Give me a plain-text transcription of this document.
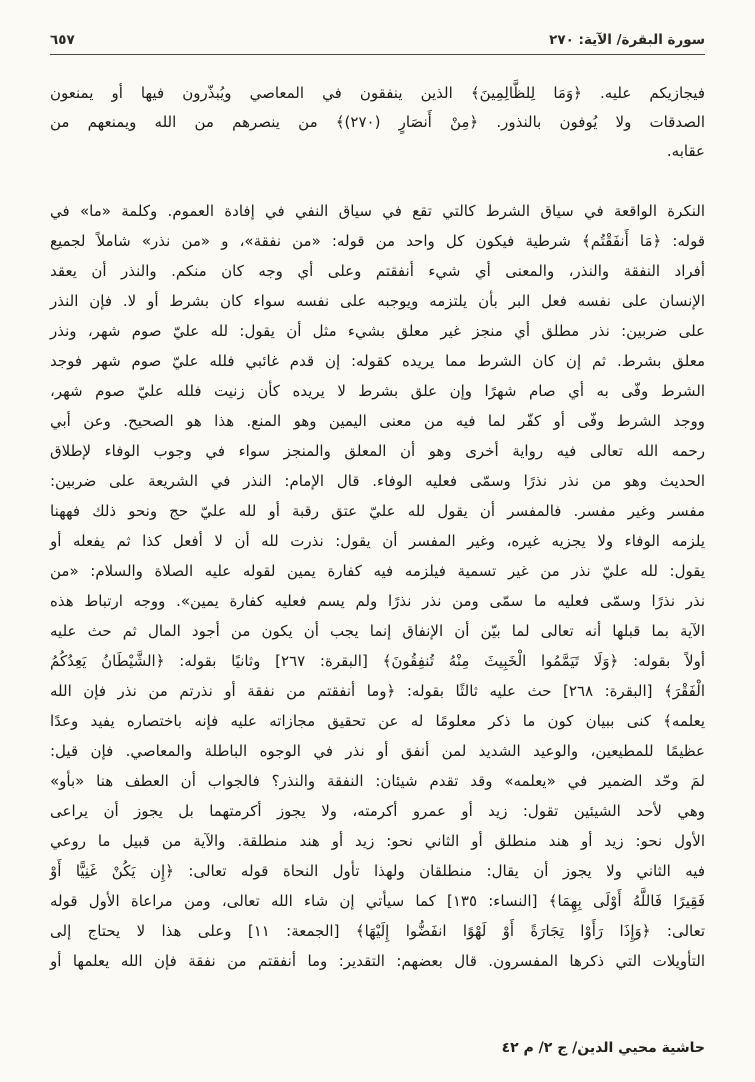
سورة البقرة/ الآية: ٢٧٠
٦٥٧
فيجازيكم عليه. ﴿وَمَا لِلظَّالِمِينَ﴾ الذين ينفقون في المعاصي ويُبذّرون فيها أو يمنعون
الصدقات ولا يُوفون بالنذور. ﴿مِنْ أَنصَارٍ (٢٧٠)﴾ من ينصرهم من الله ويمنعهم من
عقابه.
النكرة الواقعة في سياق الشرط كالتي تقع في سياق النفي في إفادة العموم. وكلمة «ما» في
قوله: ﴿مَا أَنفَقْتُم﴾ شرطية فيكون كل واحد من قوله: «من نفقة»، و «من نذر» شاملاً لجميع
أفراد النفقة والنذر، والمعنى أي شيء أنفقتم وعلى أي وجه كان منكم. والنذر أن يعقد
الإنسان على نفسه فعل البر بأن يلتزمه ويوجبه على نفسه سواء كان بشرط أو لا. فإن النذر
على ضربين: نذر مطلق أي منجز غير معلق بشيء مثل أن يقول: لله عليّ صوم شهر، ونذر
معلق بشرط. ثم إن كان الشرط مما يريده كقوله: إن قدم غائبي فلله عليّ صوم شهر فوجد
الشرط وفّى به أي صام شهرًا وإن علق بشرط لا يريده كأن زنيت فلله عليّ صوم شهر،
ووجد الشرط وفّى أو كفّر لما فيه من معنى اليمين وهو المنع. هذا هو الصحيح. وعن أبي
رحمه الله تعالى فيه رواية أخرى وهو أن المعلق والمنجز سواء في وجوب الوفاء لإطلاق
الحديث وهو من نذر نذرًا وسمّى فعليه الوفاء. قال الإمام: النذر في الشريعة على ضربين:
مفسر وغير مفسر. فالمفسر أن يقول لله عليّ عتق رقبة أو لله عليّ حج ونحو ذلك فههنا
يلزمه الوفاء ولا يجزيه غيره، وغير المفسر أن يقول: نذرت لله أن لا أفعل كذا ثم يفعله أو
يقول: لله عليّ نذر من غير تسمية فيلزمه فيه كفارة يمين لقوله عليه الصلاة والسلام: «من
نذر نذرًا وسمّى فعليه ما سمّى ومن نذر نذرًا ولم يسم فعليه كفارة يمين». ووجه ارتباط هذه
الآية بما قبلها أنه تعالى لما بيّن أن الإنفاق إنما يجب أن يكون من أجود المال ثم حث عليه
أولاً بقوله: ﴿وَلَا تَيَمَّمُوا الْخَبِيثَ مِنْهُ تُنفِقُونَ﴾ [البقرة: ٢٦٧] وثانيًا بقوله: ﴿الشَّيْطَانُ يَعِدُكُمُ
الْفَقْرَ﴾ [البقرة: ٢٦٨] حث عليه ثالثًا بقوله: ﴿وما أنفقتم من نفقة أو نذرتم من نذر فإن الله
يعلمه﴾ كنى ببيان كون ما ذكر معلومًا له عن تحقيق مجازاته عليه فإنه باختصاره يفيد وعدًا
عظيمًا للمطيعين، والوعيد الشديد لمن أنفق أو نذر في الوجوه الباطلة والمعاصي. فإن قيل:
لمَ وحّد الضمير في «يعلمه» وقد تقدم شيئان: النفقة والنذر؟ فالجواب أن العطف هنا «بأو»
وهي لأحد الشيئين تقول: زيد أو عمرو أكرمته، ولا يجوز أكرمتهما بل يجوز أن يراعى
الأول نحو: زيد أو هند منطلق أو الثاني نحو: زيد أو هند منطلقة. والآية من قبيل ما روعي
فيه الثاني ولا يجوز أن يقال: منطلقان ولهذا تأول النحاة قوله تعالى: ﴿إِن يَكُنْ غَنِيًّا أَوْ
فَقِيرًا فَاللَّهُ أَوْلَى بِهِمَا﴾ [النساء: ١٣٥] كما سيأتي إن شاء الله تعالى، ومن مراعاة الأول قوله
تعالى: ﴿وَإِذَا رَأَوْا تِجَارَةً أَوْ لَهْوًا انفَضُّوا إِلَيْهَا﴾ [الجمعة: ١١] وعلى هذا لا يحتاج إلى
التأويلات التي ذكرها المفسرون. قال بعضهم: التقدير: وما أنفقتم من نفقة فإن الله يعلمها أو
حاشية محيي الدين/ ج ٢/ م ٤٢
